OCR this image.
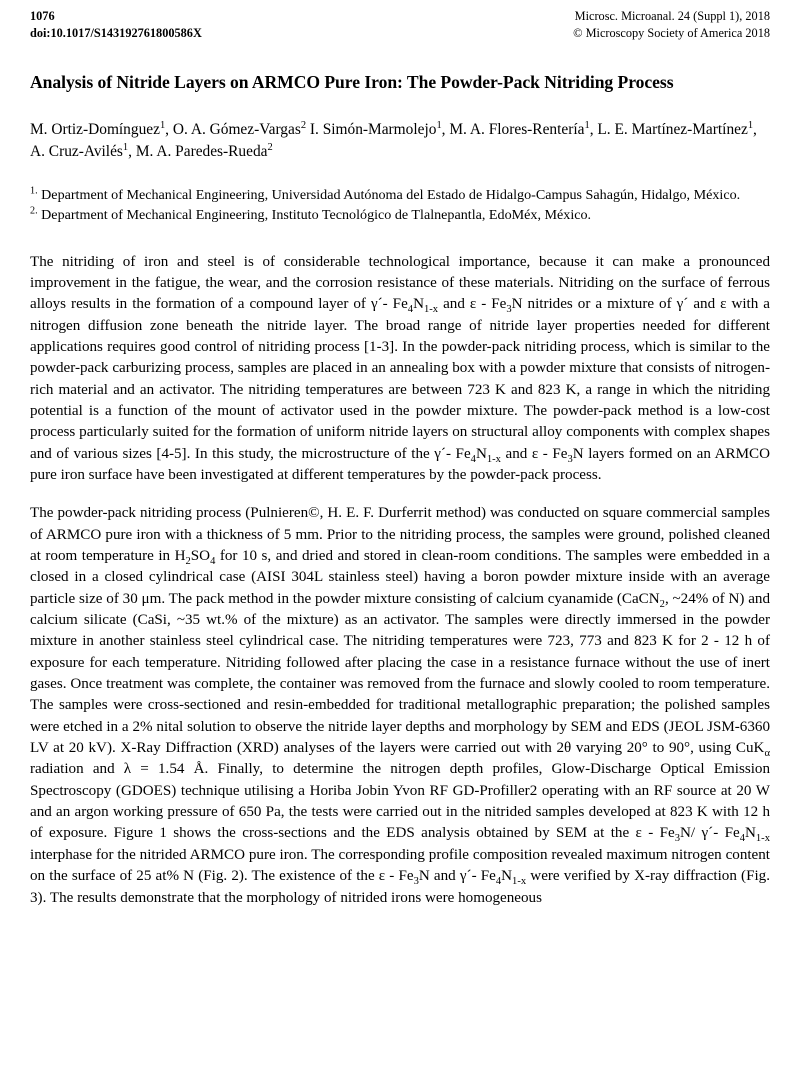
1076
doi:10.1017/S143192761800586X
Microsc. Microanal. 24 (Suppl 1), 2018
© Microscopy Society of America 2018
Analysis of Nitride Layers on ARMCO Pure Iron: The Powder-Pack Nitriding Process
M. Ortiz-Domínguez$^1$, O. A. Gómez-Vargas$^2$ I. Simón-Marmolejo$^1$, M. A. Flores-Rentería$^1$, L. E. Martínez-Martínez$^1$, A. Cruz-Avilés$^1$, M. A. Paredes-Rueda$^2$

$^{1.}$ Department of Mechanical Engineering, Universidad Autónoma del Estado de Hidalgo-Campus Sahagún, Hidalgo, México.

$^{2.}$ Department of Mechanical Engineering, Instituto Tecnológico de Tlalnepantla, EdoMéx, México.

The nitriding of iron and steel is of considerable technological importance, because it can make a pronounced improvement in the fatigue, the wear, and the corrosion resistance of these materials. Nitriding on the surface of ferrous alloys results in the formation of a compound layer of γ´- $Fe_4N_{1-x}$ and ε - $Fe_3N$ nitrides or a mixture of γ´ and ε with a nitrogen diffusion zone beneath the nitride layer. The broad range of nitride layer properties needed for different applications requires good control of nitriding process [1-3]. In the powder-pack nitriding process, which is similar to the powder-pack carburizing process, samples are placed in an annealing box with a powder mixture that consists of nitrogen-rich material and an activator. The nitriding temperatures are between 723 K and 823 K, a range in which the nitriding potential is a function of the mount of activator used in the powder mixture. The powder-pack method is a low-cost process particularly suited for the formation of uniform nitride layers on structural alloy components with complex shapes and of various sizes [4-5]. In this study, the microstructure of the γ´- $Fe_4N_{1-x}$ and ε - $Fe_3N$ layers formed on an ARMCO pure iron surface have been investigated at different temperatures by the powder-pack process.

The powder-pack nitriding process (Pulnieren©, H. E. F. Durferrit method) was conducted on square commercial samples of ARMCO pure iron with a thickness of 5 mm. Prior to the nitriding process, the samples were ground, polished cleaned at room temperature in $H_2SO_4$ for 10 s, and dried and stored in clean-room conditions. The samples were embedded in a closed in a closed cylindrical case (AISI 304L stainless steel) having a boron powder mixture inside with an average particle size of 30 μm. The pack method in the powder mixture consisting of calcium cyanamide (CaCN$_2$, ~24% of N) and calcium silicate (CaSi, ~35 wt.% of the mixture) as an activator. The samples were directly immersed in the powder mixture in another stainless steel cylindrical case. The nitriding temperatures were 723, 773 and 823 K for 2 - 12 h of exposure for each temperature. Nitriding followed after placing the case in a resistance furnace without the use of inert gases. Once treatment was complete, the container was removed from the furnace and slowly cooled to room temperature. The samples were cross-sectioned and resin-embedded for traditional metallographic preparation; the polished samples were etched in a 2% nital solution to observe the nitride layer depths and morphology by SEM and EDS (JEOL JSM-6360 LV at 20 kV). X-Ray Diffraction (XRD) analyses of the layers were carried out with 2θ varying 20° to 90°, using CuK$_\alpha$ radiation and λ = 1.54 Å. Finally, to determine the nitrogen depth profiles, Glow-Discharge Optical Emission Spectroscopy (GDOES) technique utilising a Horiba Jobin Yvon RF GD-Profiller2 operating with an RF source at 20 W and an argon working pressure of 650 Pa, the tests were carried out in the nitrided samples developed at 823 K with 12 h of exposure. Figure 1 shows the cross-sections and the EDS analysis obtained by SEM at the ε - $Fe_3N/$ γ´- $Fe_4N_{1-x}$ interphase for the nitrided ARMCO pure iron. The corresponding profile composition revealed maximum nitrogen content on the surface of 25 at% N (Fig. 2). The existence of the ε - $Fe_3N$ and γ´- $Fe_4N_{1-x}$ were verified by X-ray diffraction (Fig. 3). The results demonstrate that the morphology of nitrided irons were homogeneous
